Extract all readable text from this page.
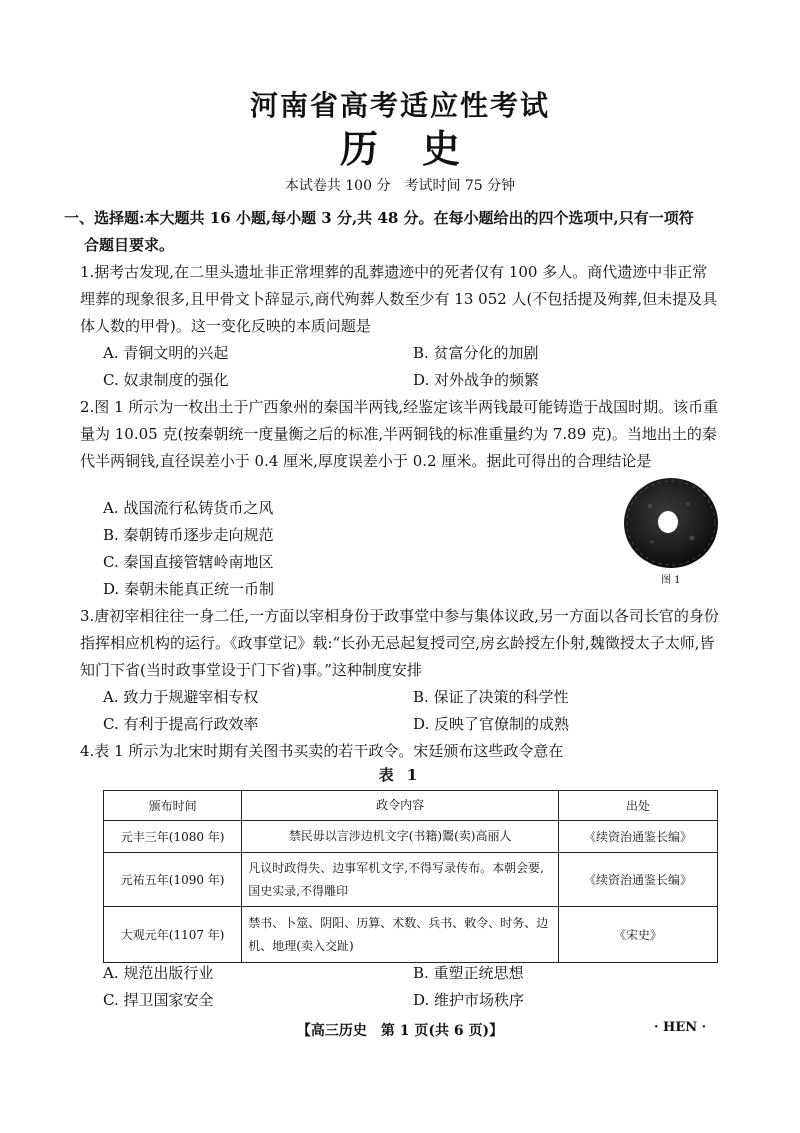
河南省高考适应性考试
历史
本试卷共 100 分　考试时间 75 分钟
一、选择题:本大题共 16 小题,每小题 3 分,共 48 分。在每小题给出的四个选项中,只有一项符
合题目要求。
1.据考古发现,在二里头遗址非正常埋葬的乱葬遗迹中的死者仅有 100 多人。商代遗迹中非正常埋葬的现象很多,且甲骨文卜辞显示,商代殉葬人数至少有 13 052 人(不包括提及殉葬,但未提及具体人数的甲骨)。这一变化反映的本质问题是
A. 青铜文明的兴起	B. 贫富分化的加剧
C. 奴隶制度的强化	D. 对外战争的频繁
2.图 1 所示为一枚出土于广西象州的秦国半两钱,经鉴定该半两钱最可能铸造于战国时期。该币重量为 10.05 克(按秦朝统一度量衡之后的标准,半两铜钱的标准重量约为 7.89 克)。当地出土的秦代半两铜钱,直径误差小于 0.4 厘米,厚度误差小于 0.2 厘米。据此可得出的合理结论是
A. 战国流行私铸货币之风
B. 秦朝铸币逐步走向规范
C. 秦国直接管辖岭南地区
D. 秦朝未能真正统一币制	图 1
3.唐初宰相往往一身二任,一方面以宰相身份于政事堂中参与集体议政,另一方面以各司长官的身份指挥相应机构的运行。《政事堂记》载:“长孙无忌起复授司空,房玄龄授左仆射,魏徵授太子太师,皆知门下省(当时政事堂设于门下省)事。”这种制度安排
A. 致力于规避宰相专权	B. 保证了决策的科学性
C. 有利于提高行政效率	D. 反映了官僚制的成熟
4.表 1 所示为北宋时期有关图书买卖的若干政令。宋廷颁布这些政令意在
表 1
颁布时间	政令内容	出处
元丰三年(1080 年)	禁民毋以言涉边机文字(书籍)鬻(卖)高丽人	《续资治通鉴长编》
元祐五年(1090 年)	凡议时政得失、边事军机文字,不得写录传布。本朝会要,国史实录,不得雕印	《续资治通鉴长编》
大观元年(1107 年)	禁书、卜筮、阴阳、历算、术数、兵书、敕令、时务、边机、地理(卖入交趾)	《宋史》
A. 规范出版行业	B. 重塑正统思想
C. 捍卫国家安全	D. 维护市场秩序
【高三历史　第 1 页(共 6 页)】	· HEN ·
